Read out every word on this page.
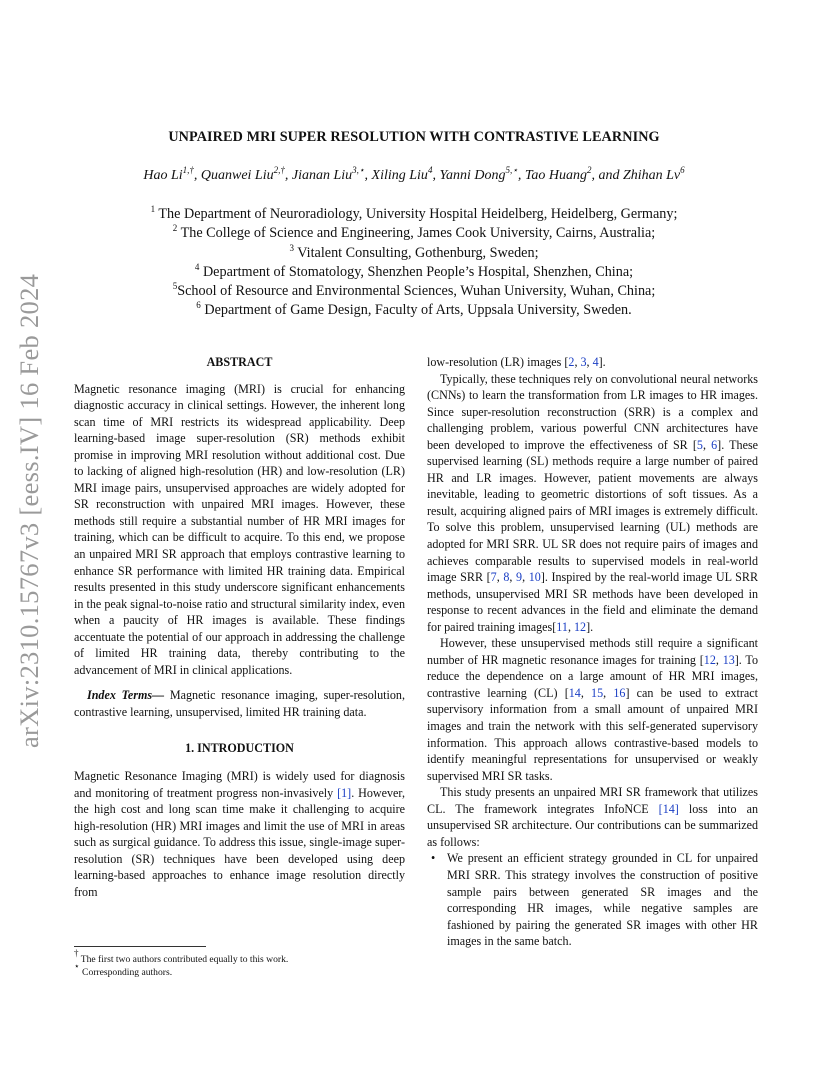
arXiv:2310.15767v3 [eess.IV] 16 Feb 2024
UNPAIRED MRI SUPER RESOLUTION WITH CONTRASTIVE LEARNING
Hao $Li^{1,\dagger}$, Quanwei Liu$^{2,\dagger}$, Jianan Liu$^{3,⋆}$, Xiling Liu$^4$, Yanni Dong$^{5,⋆}$, Tao Huang$^2$, and Zhihan Lv$^6$
$^1$ The Department of Neuroradiology, University Hospital Heidelberg, Heidelberg, Germany;
$^2$ The College of Science and Engineering, James Cook University, Cairns, Australia;
$^3$ Vitalent Consulting, Gothenburg, Sweden;
$^4$ Department of Stomatology, Shenzhen People’s Hospital, Shenzhen, China;
$^5$School of Resource and Environmental Sciences, Wuhan University, Wuhan, China;
$^6$ Department of Game Design, Faculty of Arts, Uppsala University, Sweden.
ABSTRACT

Magnetic resonance imaging (MRI) is crucial for enhancing diagnostic accuracy in clinical settings. However, the inherent long scan time of MRI restricts its widespread applicability. Deep learning-based image super-resolution (SR) methods exhibit promise in improving MRI resolution without additional cost. Due to lacking of aligned high-resolution (HR) and low-resolution (LR) MRI image pairs, unsupervised approaches are widely adopted for SR reconstruction with unpaired MRI images. However, these methods still require a substantial number of HR MRI images for training, which can be difficult to acquire. To this end, we propose an unpaired MRI SR approach that employs contrastive learning to enhance SR performance with limited HR training data. Empirical results presented in this study underscore significant enhancements in the peak signal-to-noise ratio and structural similarity index, even when a paucity of HR images is available. These findings accentuate the potential of our approach in addressing the challenge of limited HR training data, thereby contributing to the advancement of MRI in clinical applications.

Index Terms— Magnetic resonance imaging, super-resolution, contrastive learning, unsupervised, limited HR training data.

1. INTRODUCTION

Magnetic Resonance Imaging (MRI) is widely used for diagnosis and monitoring of treatment progress non-invasively [1]. However, the high cost and long scan time make it challenging to acquire high-resolution (HR) MRI images and limit the use of MRI in areas such as surgical guidance. To address this issue, single-image super-resolution (SR) techniques have been developed using deep learning-based approaches to enhance image resolution directly from

† The first two authors contributed equally to this work.
⋆ Corresponding authors.

low-resolution (LR) images [2, 3, 4].

Typically, these techniques rely on convolutional neural networks (CNNs) to learn the transformation from LR images to HR images. Since super-resolution reconstruction (SRR) is a complex and challenging problem, various powerful CNN architectures have been developed to improve the effectiveness of SR [5, 6]. These supervised learning (SL) methods require a large number of paired HR and LR images. However, patient movements are always inevitable, leading to geometric distortions of soft tissues. As a result, acquiring aligned pairs of MRI images is extremely difficult. To solve this problem, unsupervised learning (UL) methods are adopted for MRI SRR. UL SR does not require pairs of images and achieves comparable results to supervised models in real-world image SRR [7, 8, 9, 10]. Inspired by the real-world image UL SRR methods, unsupervised MRI SR methods have been developed in response to recent advances in the field and eliminate the demand for paired training images[11, 12].

However, these unsupervised methods still require a significant number of HR magnetic resonance images for training [12, 13]. To reduce the dependence on a large amount of HR MRI images, contrastive learning (CL) [14, 15, 16] can be used to extract supervisory information from a small amount of unpaired MRI images and train the network with this self-generated supervisory information. This approach allows contrastive-based models to identify meaningful representations for unsupervised or weakly supervised MRI SR tasks.

This study presents an unpaired MRI SR framework that utilizes CL. The framework integrates InfoNCE [14] loss into an unsupervised SR architecture. Our contributions can be summarized as follows:

• We present an efficient strategy grounded in CL for unpaired MRI SRR. This strategy involves the construction of positive sample pairs between generated SR images and the corresponding HR images, while negative samples are fashioned by pairing the generated SR images with other HR images in the same batch.
